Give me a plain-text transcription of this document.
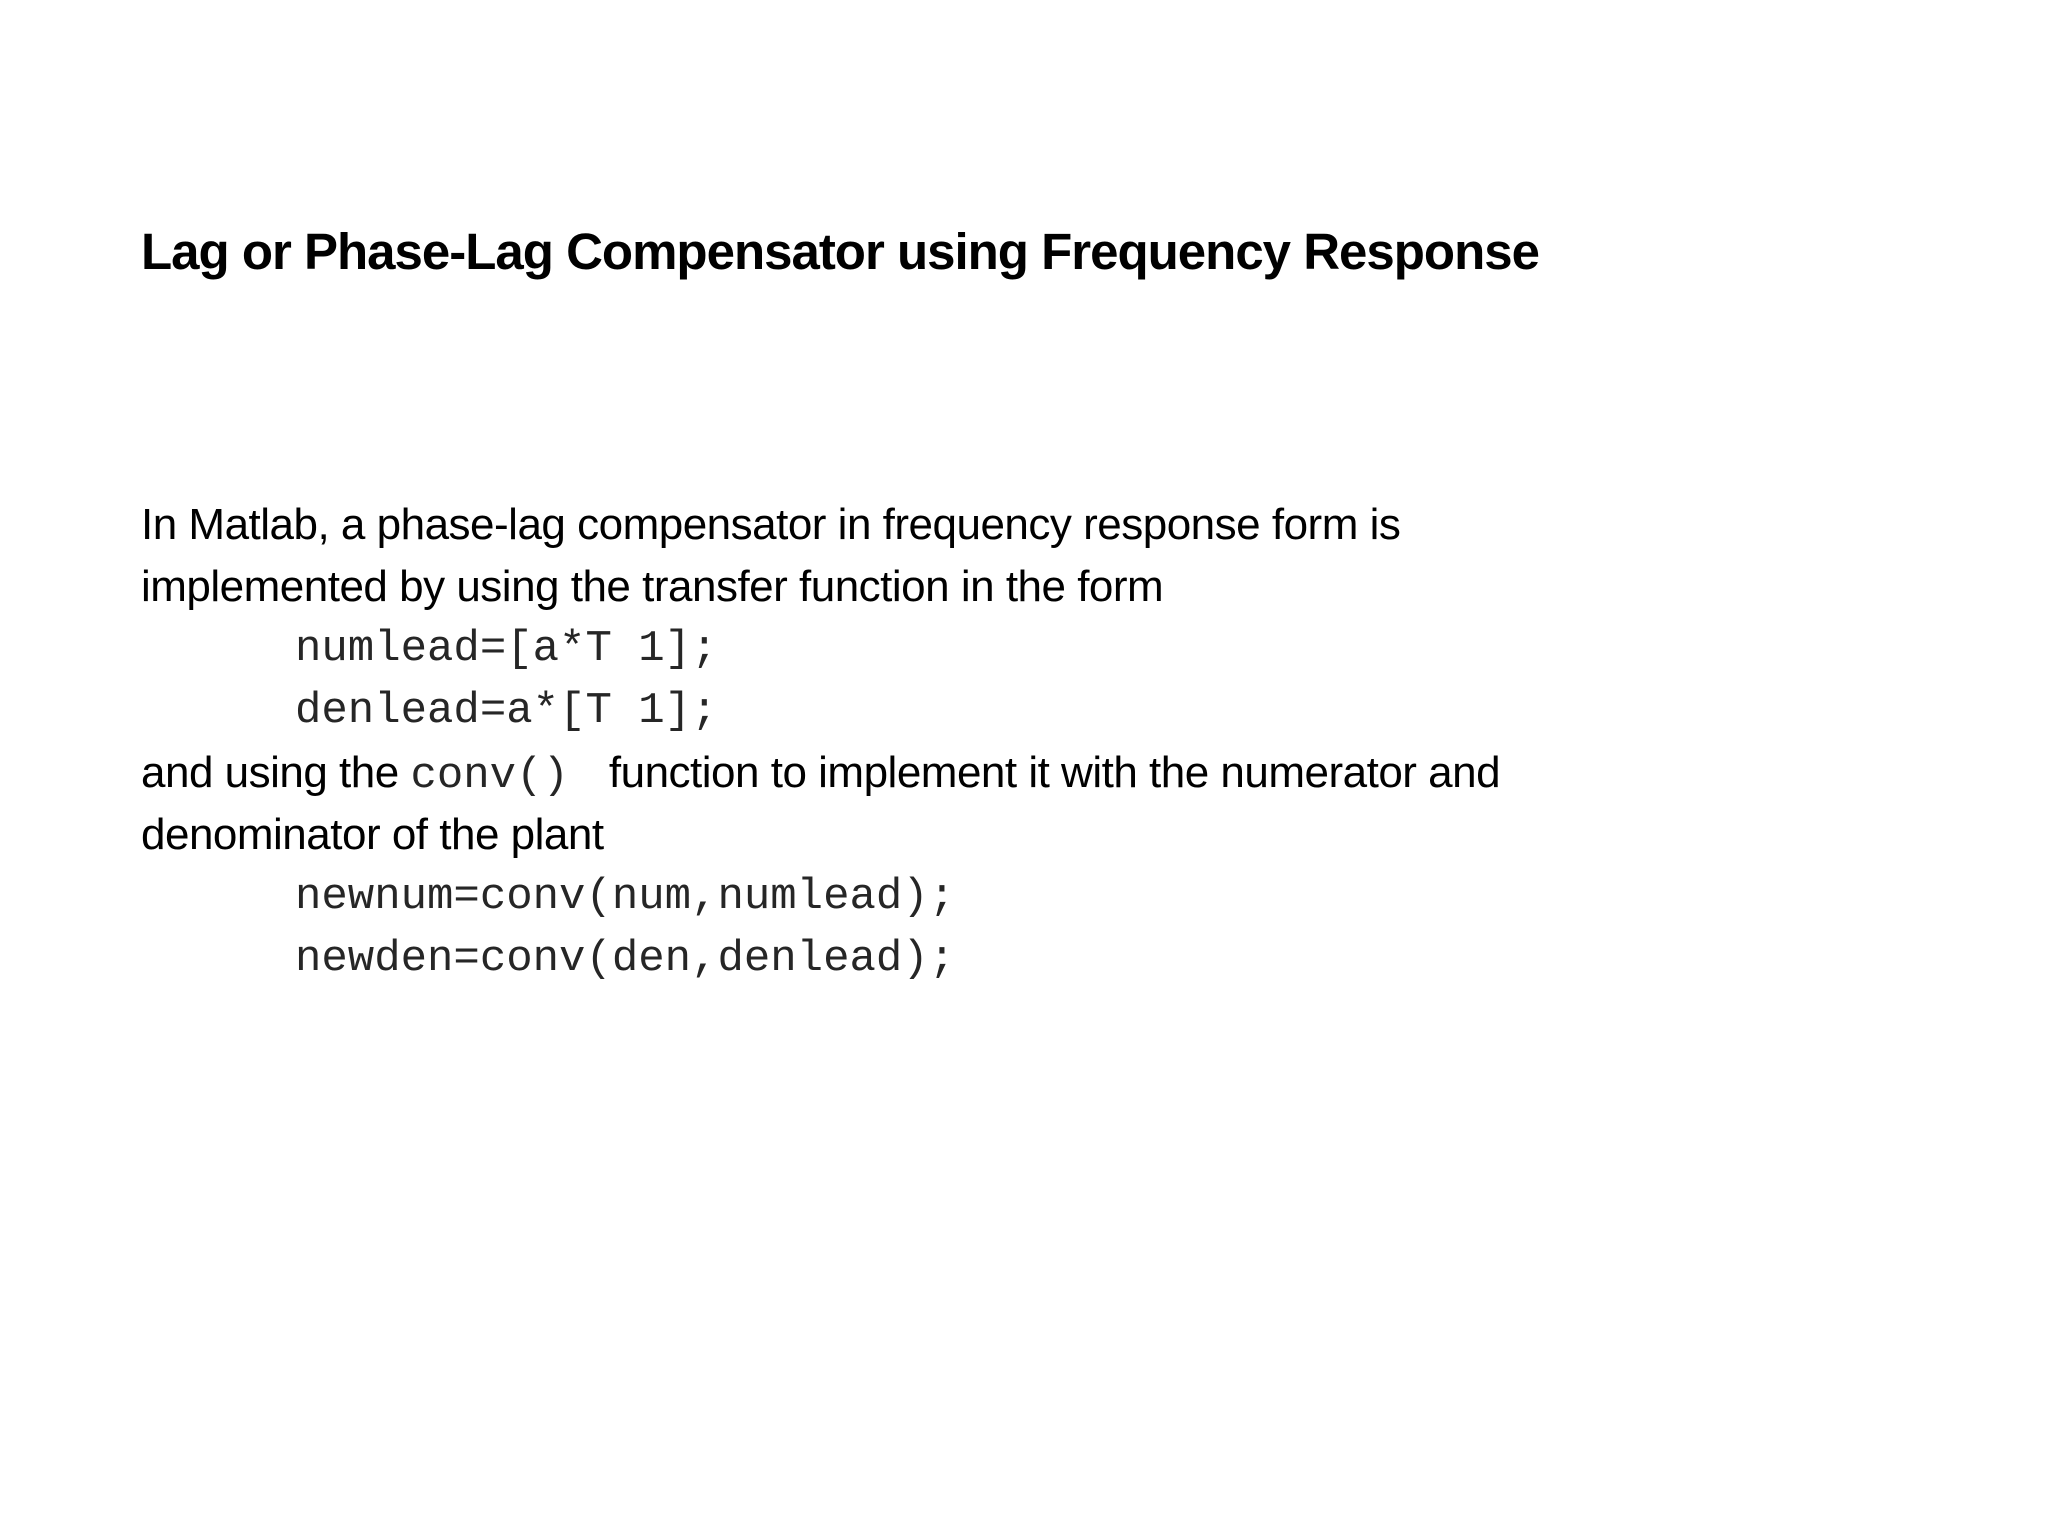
Lag or Phase-Lag Compensator using Frequency Response
In Matlab, a phase-lag compensator in frequency response form is
implemented by using the transfer function in the form
numlead=[a*T 1];
denlead=a*[T 1];
and using the conv() function to implement it with the numerator and
denominator of the plant
newnum=conv(num,numlead);
newden=conv(den,denlead);
